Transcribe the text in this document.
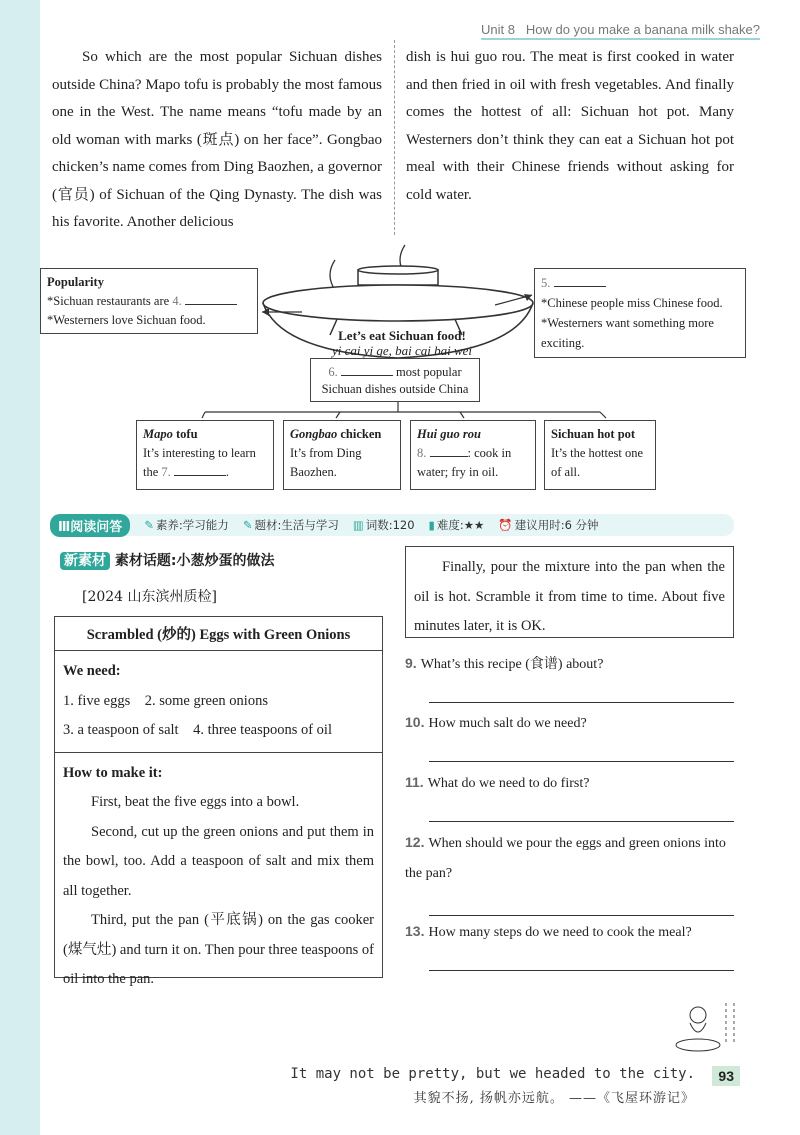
Unit 8 How do you make a banana milk shake?

So which are the most popular Sichuan dishes outside China? Mapo tofu is probably the most famous one in the West. The name means “tofu made by an old woman with marks (斑点) on her face”. Gongbao chicken’s name comes from Ding Baozhen, a governor (官员) of Sichuan of the Qing Dynasty. The dish was his favorite. Another delicious

dish is hui guo rou. The meat is first cooked in water and then fried in oil with fresh vegetables. And finally comes the hottest of all: Sichuan hot pot. Many Westerners don’t think they can eat a Sichuan hot pot meal with their Chinese friends without asking for cold water.

Let’s eat Sichuan food!
yi cai yi ge, bai cai bai wei
Popularity
*Sichuan restaurants are 4.
*Westerners love Sichuan food.
5.
*Chinese people miss Chinese food.
*Westerners want something more exciting.
6.	most popular
Sichuan dishes outside China
Mapo tofu
It’s interesting to learn
the 7.	.
Gongbao chicken
It’s from Ding
Baozhen.
Hui guo rou
8.	: cook in
water; fry in oil.
Sichuan hot pot
It’s the hottest one
of all.
Ⅲ阅读问答	✎ 素养:学习能力 ✎ 题材:生活与学习 ▥ 词数:120 ▮ 难度:★★ ⏰ 建议用时:6 分钟
新素材 素材话题:小葱炒蛋的做法
[2024 山东滨州质检]
Scrambled (炒的) Eggs with Green Onions

We need:

1. five eggs    2. some green onions

3. a teaspoon of salt    4. three teaspoons of oil

How to make it:

First, beat the five eggs into a bowl.

Second, cut up the green onions and put them in the bowl, too. Add a teaspoon of salt and mix them all together.

Third, put the pan (平底锅) on the gas cooker (煤气灶) and turn it on. Then pour three teaspoons of oil into the pan.

Finally, pour the mixture into the pan when the oil is hot. Scramble it from time to time. About five minutes later, it is OK.
9. What’s this recipe (食谱) about?
10. How much salt do we need?
11. What do we need to do first?
12. When should we pour the eggs and green onions into the pan?
13. How many steps do we need to cook the meal?
It may not be pretty, but we headed to the city.
其貌不扬, 扬帆亦远航。 ——《飞屋环游记》
93
